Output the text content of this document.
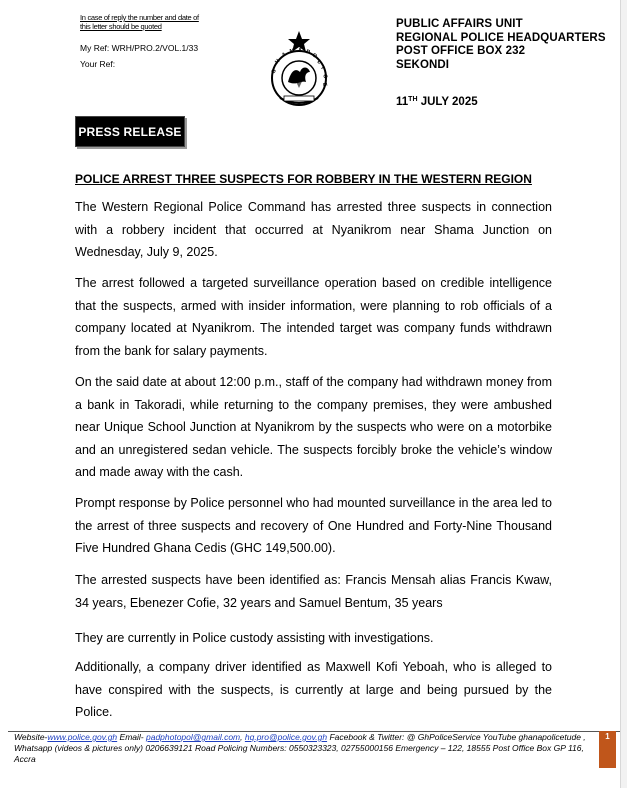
In case of reply the number and date of this letter should be quoted
My Ref: WRH/PRO.2/VOL.1/33
Your Ref:
G
H
A N A P
O
L
I
C
E
PUBLIC AFFAIRS UNIT
REGIONAL POLICE HEADQUARTERS
POST OFFICE BOX 232
SEKONDI
11TH JULY 2025
PRESS RELEASE
POLICE ARREST THREE SUSPECTS FOR ROBBERY IN THE WESTERN REGION
The Western Regional Police Command has arrested three suspects in connection with a robbery incident that occurred at Nyanikrom near Shama Junction on Wednesday, July 9, 2025.
The arrest followed a targeted surveillance operation based on credible intelligence that the suspects, armed with insider information, were planning to rob officials of a company located at Nyanikrom. The intended target was company funds withdrawn from the bank for salary payments.
On the said date at about 12:00 p.m., staff of the company had withdrawn money from a bank in Takoradi, while returning to the company premises, they were ambushed near Unique School Junction at Nyanikrom by the suspects who were on a motorbike and an unregistered sedan vehicle. The suspects forcibly broke the vehicle’s window and made away with the cash.
Prompt response by Police personnel who had mounted surveillance in the area led to the arrest of three suspects and recovery of One Hundred and Forty-Nine Thousand Five Hundred Ghana Cedis (GHC 149,500.00).
The arrested suspects have been identified as: Francis Mensah alias Francis Kwaw, 34 years, Ebenezer Cofie, 32 years and Samuel Bentum, 35 years
They are currently in Police custody assisting with investigations.
Additionally, a company driver identified as Maxwell Kofi Yeboah, who is alleged to have conspired with the suspects, is currently at large and being pursued by the Police.
Website-www.police.gov.gh Email- padphotopol@gmail.com, hq.pro@police.gov.gh Facebook & Twitter: @ GhPoliceService YouTube ghanapolicetude , Whatsapp (videos & pictures only) 0206639121 Road Policing Numbers: 0550323323, 02755000156 Emergency – 122, 18555 Post Office Box GP 116, Accra
1
